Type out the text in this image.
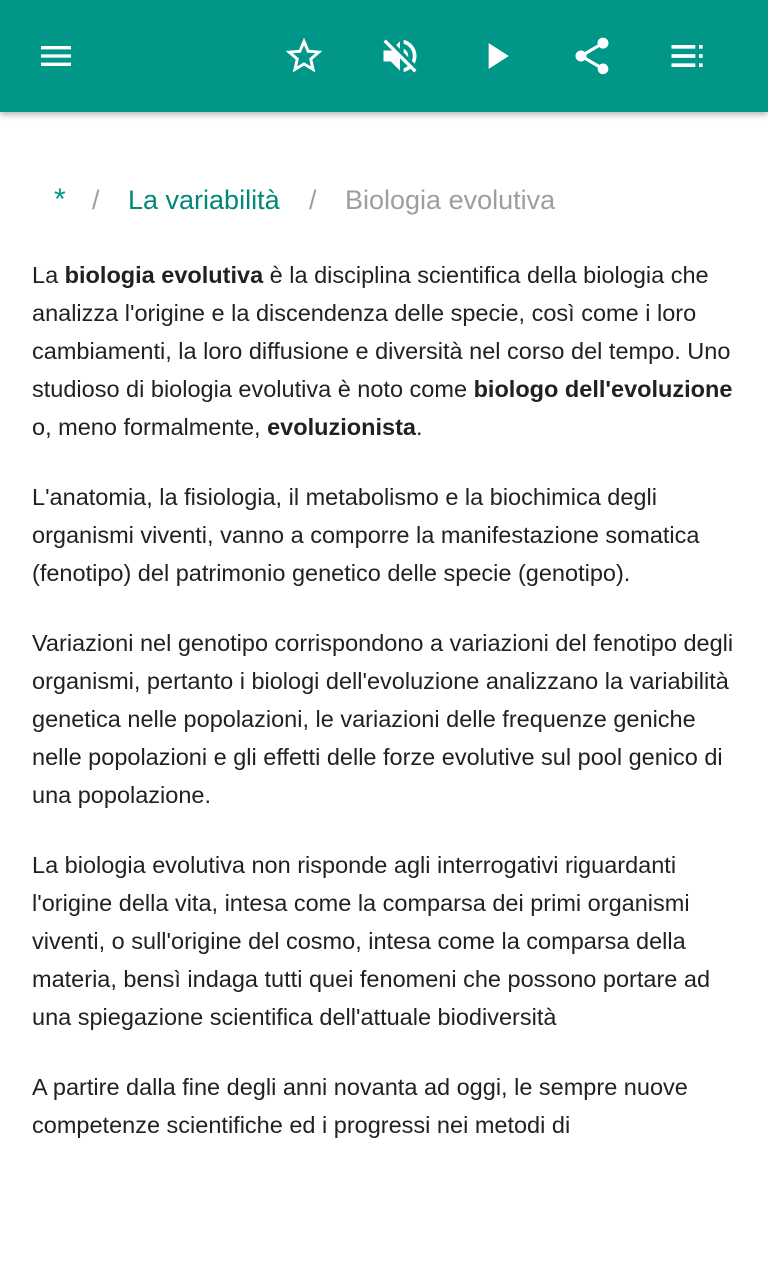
* / La variabilità / Biologia evolutiva

La biologia evolutiva è la disciplina scientifica della biologia che analizza l'origine e la discendenza delle specie, così come i loro cambiamenti, la loro diffusione e diversità nel corso del tempo. Uno studioso di biologia evolutiva è noto come biologo dell'evoluzione o, meno formalmente, evoluzionista.

L'anatomia, la fisiologia, il metabolismo e la biochimica degli organismi viventi, vanno a comporre la manifestazione somatica (fenotipo) del patrimonio genetico delle specie (genotipo).

Variazioni nel genotipo corrispondono a variazioni del fenotipo degli organismi, pertanto i biologi dell'evoluzione analizzano la variabilità genetica nelle popolazioni, le variazioni delle frequenze geniche nelle popolazioni e gli effetti delle forze evolutive sul pool genico di una popolazione.

La biologia evolutiva non risponde agli interrogativi riguardanti l'origine della vita, intesa come la comparsa dei primi organismi viventi, o sull'origine del cosmo, intesa come la comparsa della materia, bensì indaga tutti quei fenomeni che possono portare ad una spiegazione scientifica dell'attuale biodiversità

A partire dalla fine degli anni novanta ad oggi, le sempre nuove competenze scientifiche ed i progressi nei metodi di
